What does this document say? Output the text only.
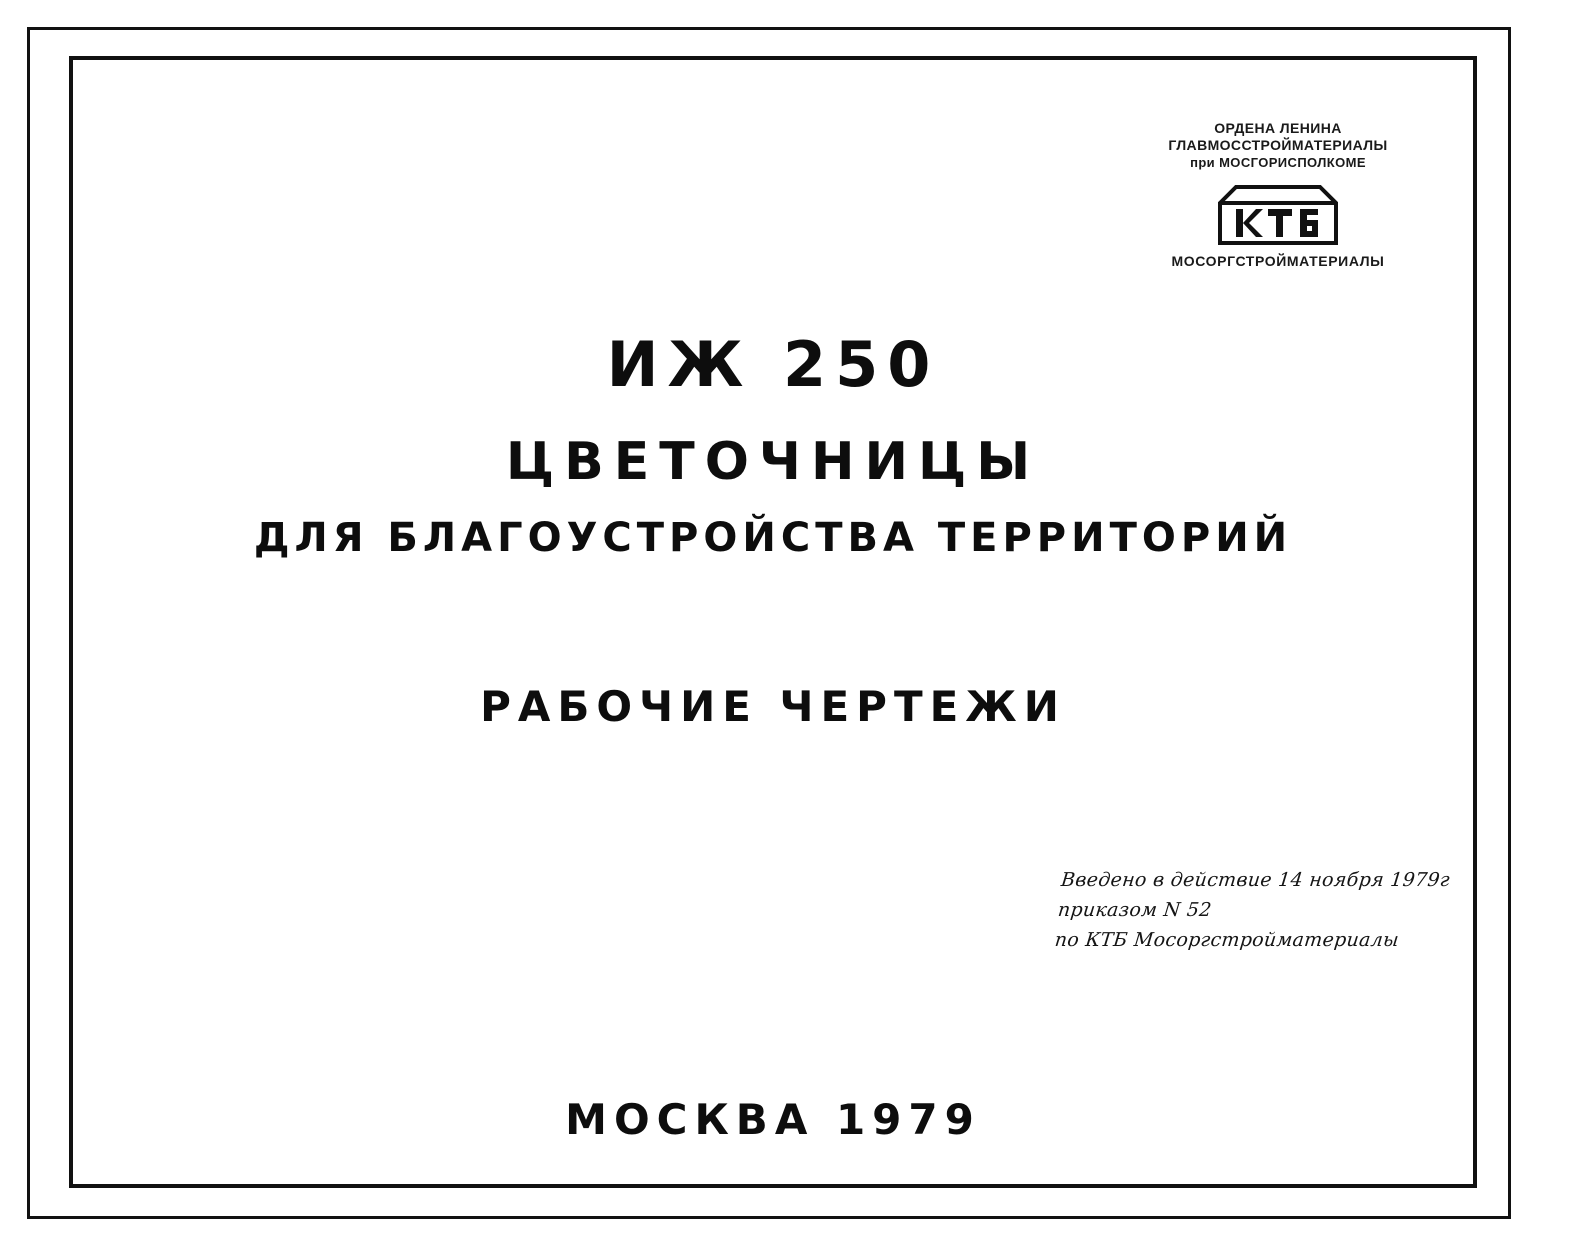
ОРДЕНА ЛЕНИНА
ГЛАВМОССТРОЙМАТЕРИАЛЫ
при МОСГОРИСПОЛКОМЕ
МОСОРГСТРОЙМАТЕРИАЛЫ
ИЖ 250
ЦВЕТОЧНИЦЫ
ДЛЯ БЛАГОУСТРОЙСТВА ТЕРРИТОРИЙ
РАБОЧИЕ ЧЕРТЕЖИ
Введено в действие 14 ноября 1979г
приказом N 52
по КТБ Мосоргстройматериалы
МОСКВА 1979
